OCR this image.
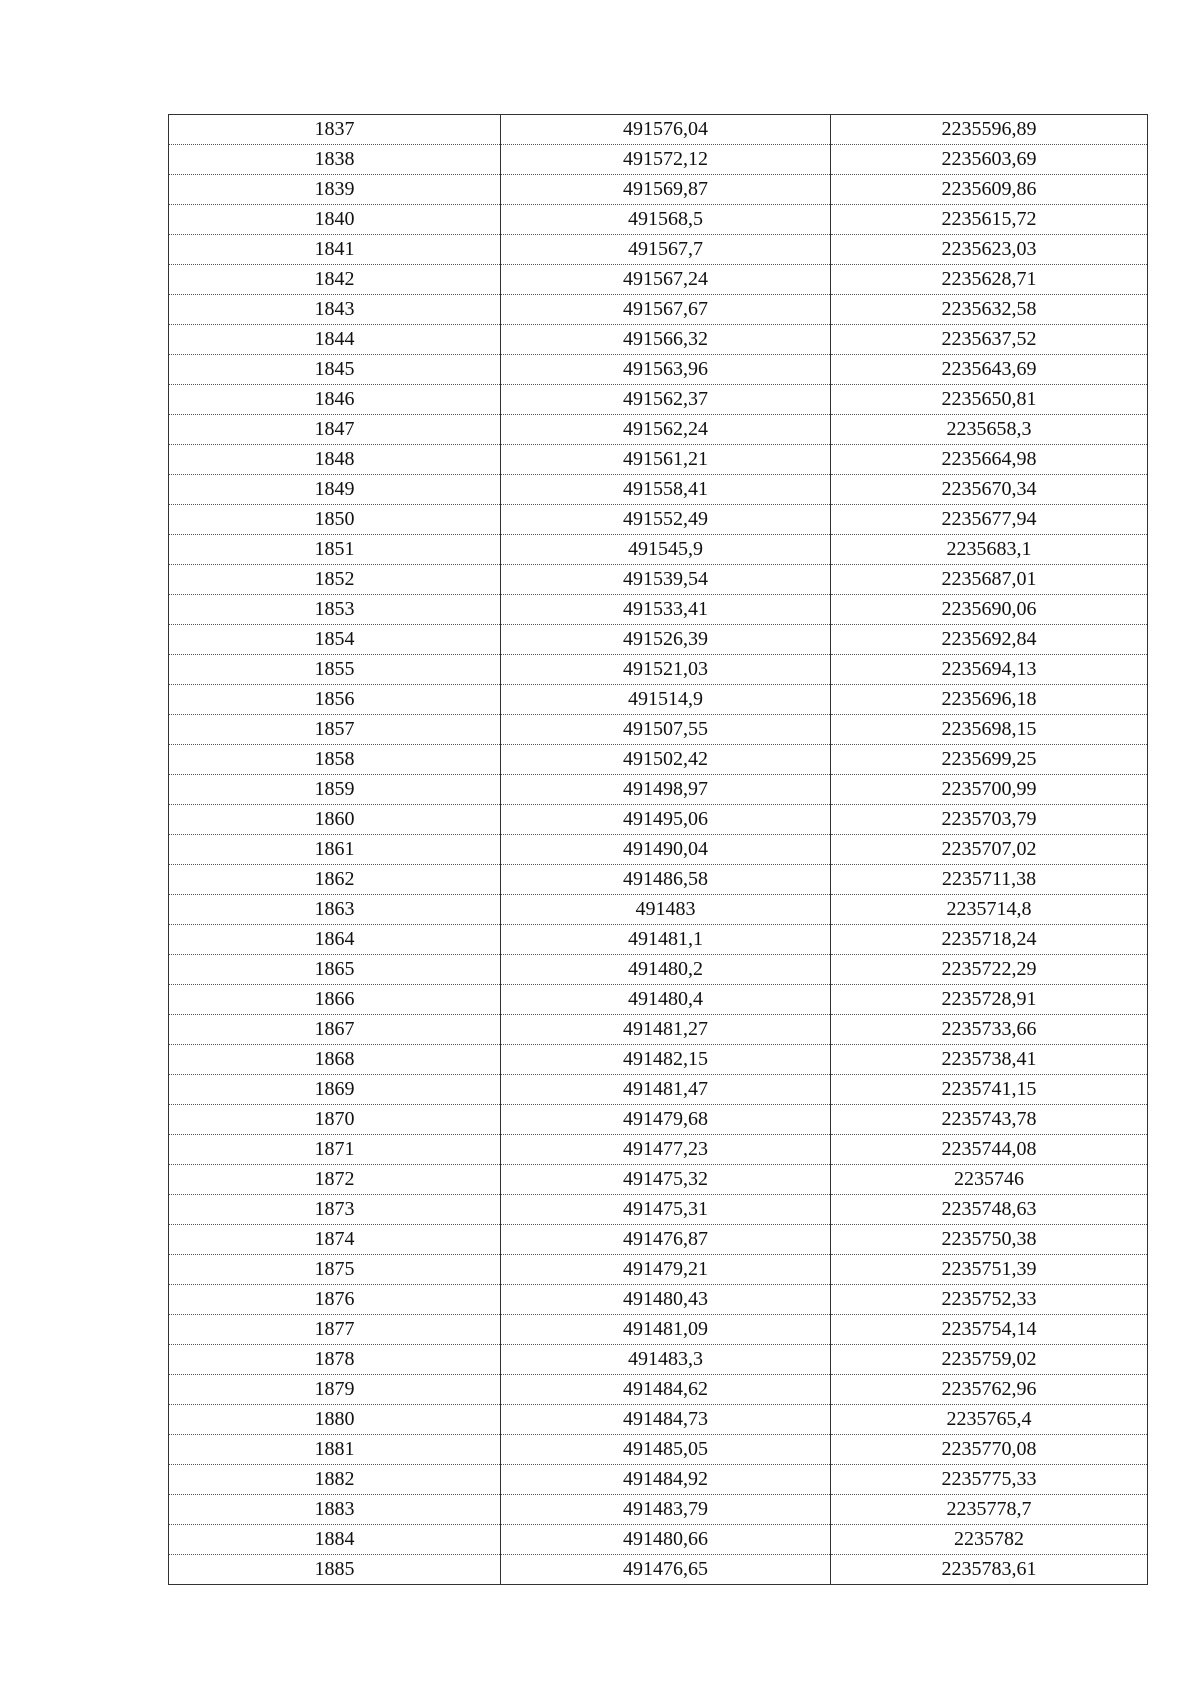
1837	491576,04	2235596,89
1838	491572,12	2235603,69
1839	491569,87	2235609,86
1840	491568,5	2235615,72
1841	491567,7	2235623,03
1842	491567,24	2235628,71
1843	491567,67	2235632,58
1844	491566,32	2235637,52
1845	491563,96	2235643,69
1846	491562,37	2235650,81
1847	491562,24	2235658,3
1848	491561,21	2235664,98
1849	491558,41	2235670,34
1850	491552,49	2235677,94
1851	491545,9	2235683,1
1852	491539,54	2235687,01
1853	491533,41	2235690,06
1854	491526,39	2235692,84
1855	491521,03	2235694,13
1856	491514,9	2235696,18
1857	491507,55	2235698,15
1858	491502,42	2235699,25
1859	491498,97	2235700,99
1860	491495,06	2235703,79
1861	491490,04	2235707,02
1862	491486,58	2235711,38
1863	491483	2235714,8
1864	491481,1	2235718,24
1865	491480,2	2235722,29
1866	491480,4	2235728,91
1867	491481,27	2235733,66
1868	491482,15	2235738,41
1869	491481,47	2235741,15
1870	491479,68	2235743,78
1871	491477,23	2235744,08
1872	491475,32	2235746
1873	491475,31	2235748,63
1874	491476,87	2235750,38
1875	491479,21	2235751,39
1876	491480,43	2235752,33
1877	491481,09	2235754,14
1878	491483,3	2235759,02
1879	491484,62	2235762,96
1880	491484,73	2235765,4
1881	491485,05	2235770,08
1882	491484,92	2235775,33
1883	491483,79	2235778,7
1884	491480,66	2235782
1885	491476,65	2235783,61
